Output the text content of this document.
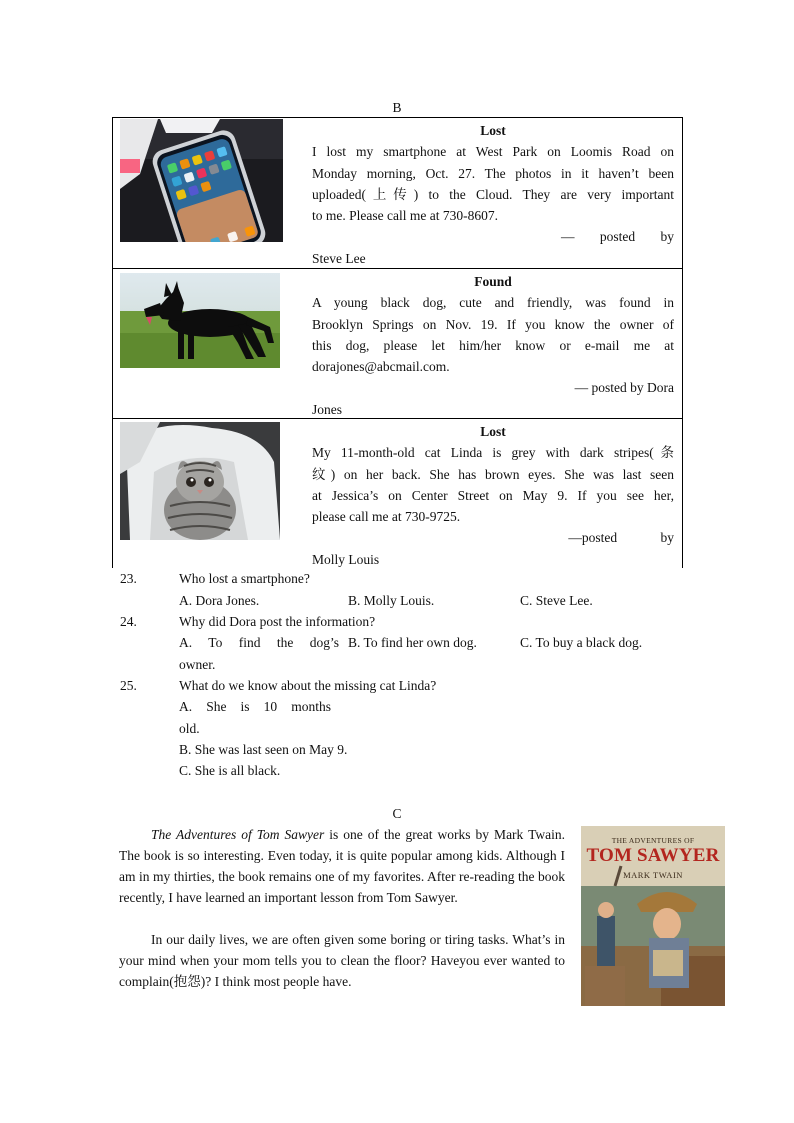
B
Lost
I lost my smartphone at West Park on Loomis Road on
Monday morning, Oct. 27. The photos in it haven’t been
uploaded(上传) to the Cloud. They are very important
to me. Please call me at 730-8607.
— posted by
Steve Lee
Found
A young black dog, cute and friendly, was found in
Brooklyn Springs on Nov. 19. If you know the owner of
this dog, please let him/her know or e-mail me at
dorajones@abcmail.com.
— posted by Dora
Jones
Lost
My 11-month-old cat Linda is grey with dark stripes(条
纹) on her back. She has brown eyes. She was last seen
at Jessica’s on Center Street on May 9. If you see her,
please call me at 730-9725.
—posted by
Molly Louis
23.	Who lost a smartphone?
A. Dora Jones.	B. Molly Louis.	C. Steve Lee.
24.	Why did Dora post the information?
A. To find the dog’s B. To find her own dog.	C. To buy a black dog.
owner.
25.	What do we know about the missing cat Linda?
A. She is 10 months
old.
B. She was last seen on May 9.
C. She is all black.
C
The Adventures of Tom Sawyer is one of the great works by Mark Twain. The book is so interesting. Even today, it is quite popular among kids. Although I am in my thirties, the book remains one of my favorites. After re-reading the book recently, I have learned an important lesson from Tom Sawyer.
In our daily lives, we are often given some boring or tiring tasks. What’s in your mind when your mom tells you to clean the floor? Haveyou ever wanted to complain(抱怨)? I think most people have.
THE ADVENTURES OF
TOM SAWYER
MARK TWAIN
